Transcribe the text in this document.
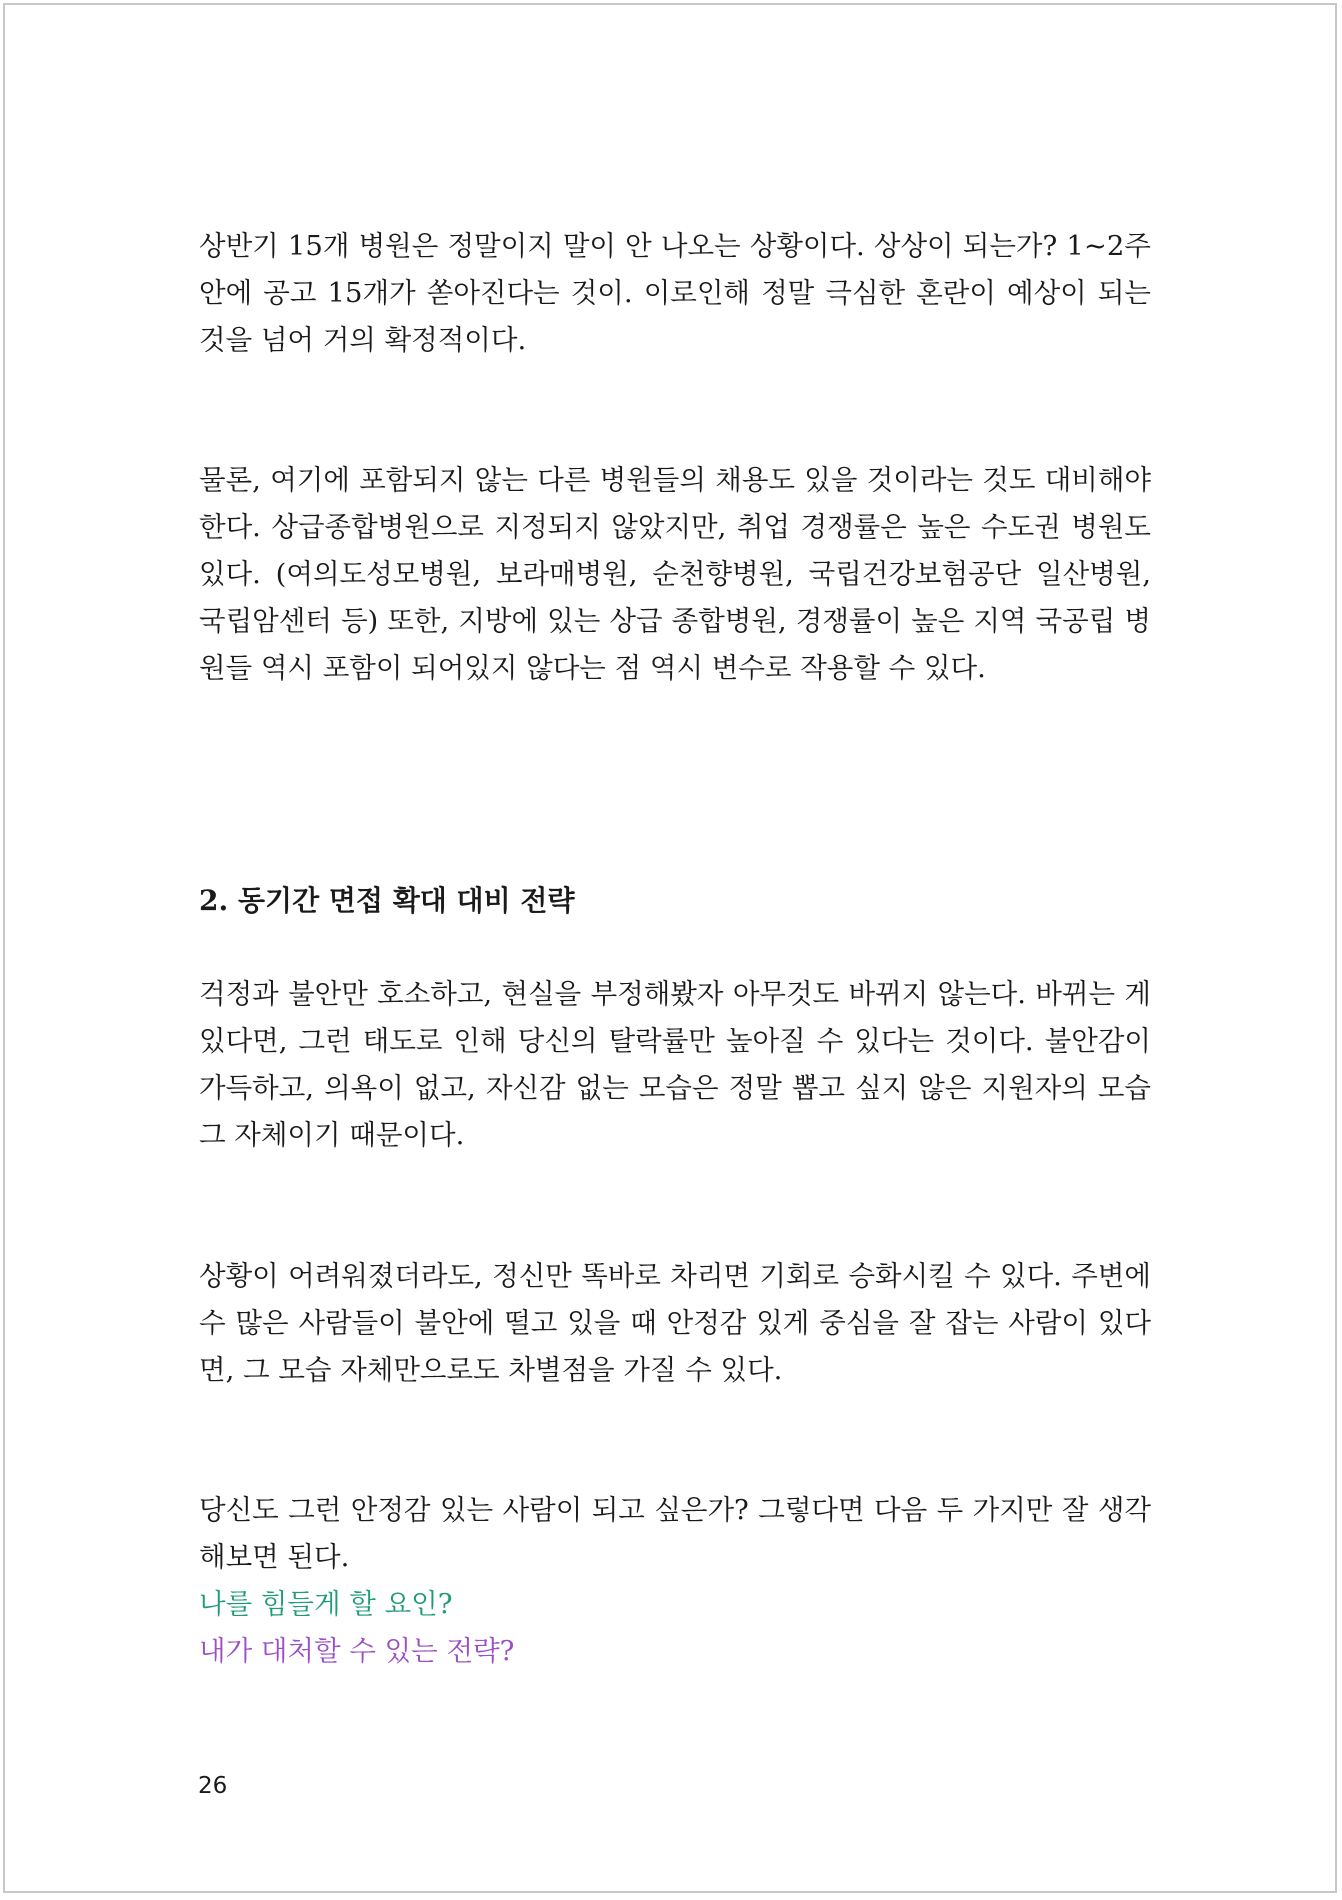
상반기 15개 병원은 정말이지 말이 안 나오는 상황이다. 상상이 되는가? 1~2주 안에 공고 15개가 쏟아진다는 것이. 이로인해 정말 극심한 혼란이 예상이 되는 것을 넘어 거의 확정적이다.

물론, 여기에 포함되지 않는 다른 병원들의 채용도 있을 것이라는 것도 대비해야 한다. 상급종합병원으로 지정되지 않았지만, 취업 경쟁률은 높은 수도권 병원도 있다. (여의도성모병원, 보라매병원, 순천향병원, 국립건강보험공단 일산병원, 국립암센터 등) 또한, 지방에 있는 상급 종합병원, 경쟁률이 높은 지역 국공립 병원들 역시 포함이 되어있지 않다는 점 역시 변수로 작용할 수 있다.

2. 동기간 면접 확대 대비 전략

걱정과 불안만 호소하고, 현실을 부정해봤자 아무것도 바뀌지 않는다. 바뀌는 게 있다면, 그런 태도로 인해 당신의 탈락률만 높아질 수 있다는 것이다. 불안감이 가득하고, 의욕이 없고, 자신감 없는 모습은 정말 뽑고 싶지 않은 지원자의 모습 그 자체이기 때문이다.

상황이 어려워졌더라도, 정신만 똑바로 차리면 기회로 승화시킬 수 있다. 주변에 수 많은 사람들이 불안에 떨고 있을 때 안정감 있게 중심을 잘 잡는 사람이 있다면, 그 모습 자체만으로도 차별점을 가질 수 있다.

당신도 그런 안정감 있는 사람이 되고 싶은가? 그렇다면 다음 두 가지만 잘 생각해보면 된다.

나를 힘들게 할 요인?

내가 대처할 수 있는 전략?

26
